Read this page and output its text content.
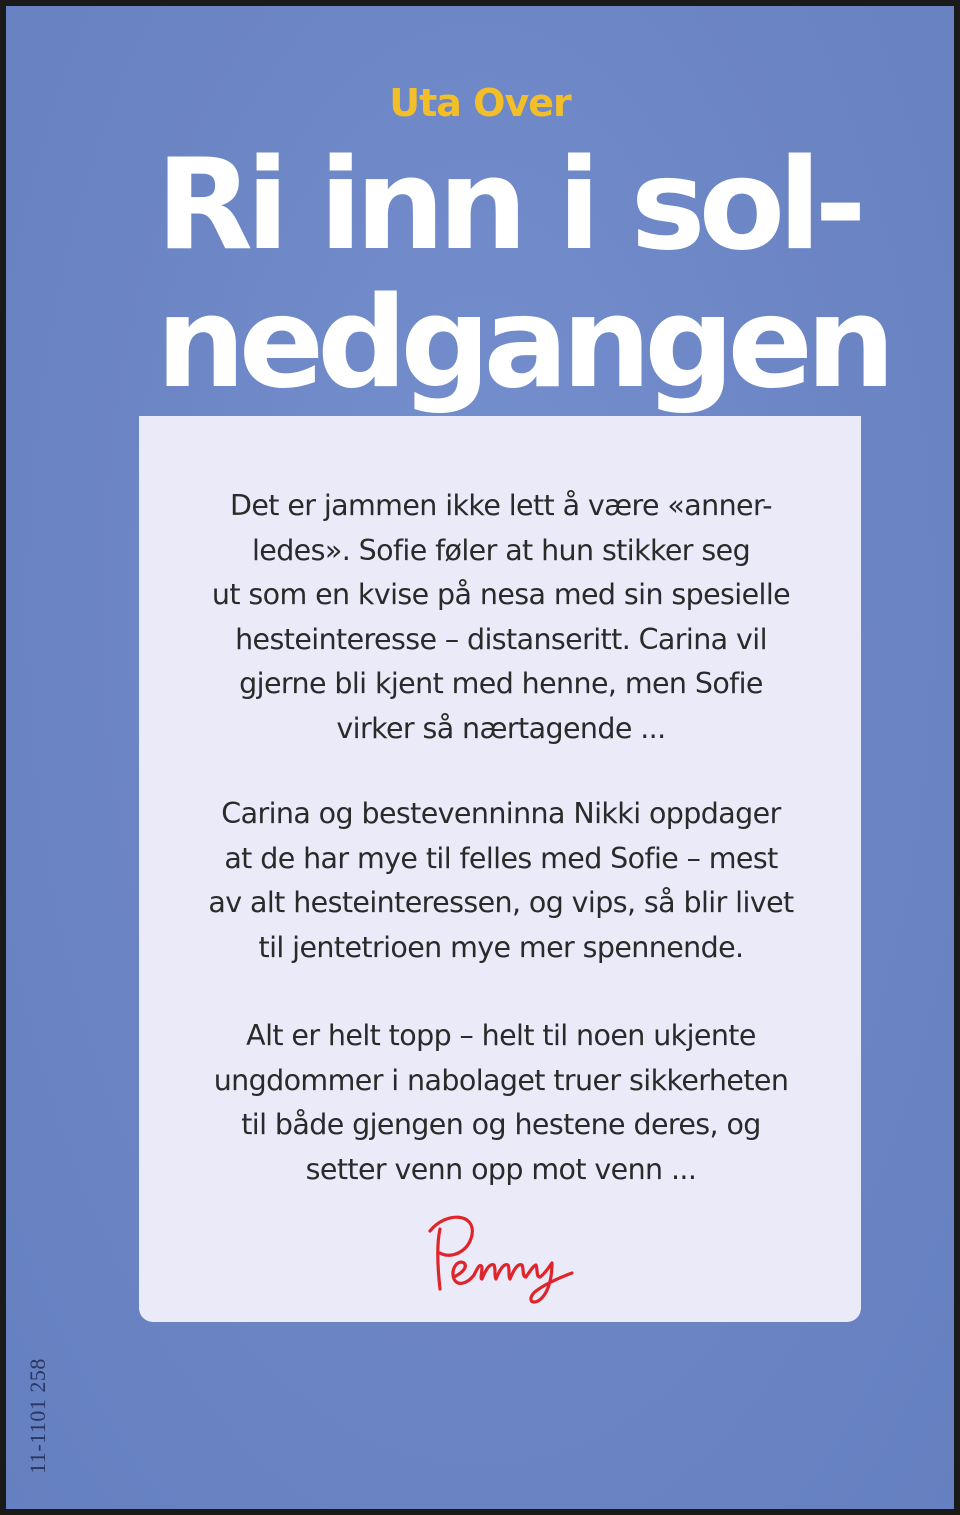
Uta Over
Ri inn i sol-
nedgangen

Det er jammen ikke lett å være «anner-
ledes». Sofie føler at hun stikker seg
ut som en kvise på nesa med sin spesielle
hesteinteresse – distanseritt. Carina vil
gjerne bli kjent med henne, men Sofie
virker så nærtagende ...

Carina og bestevenninna Nikki oppdager
at de har mye til felles med Sofie – mest
av alt hesteinteressen, og vips, så blir livet
til jentetrioen mye mer spennende.

Alt er helt topp – helt til noen ukjente
ungdommer i nabolaget truer sikkerheten
til både gjengen og hestene deres, og
setter venn opp mot venn ...

11-1101 258
